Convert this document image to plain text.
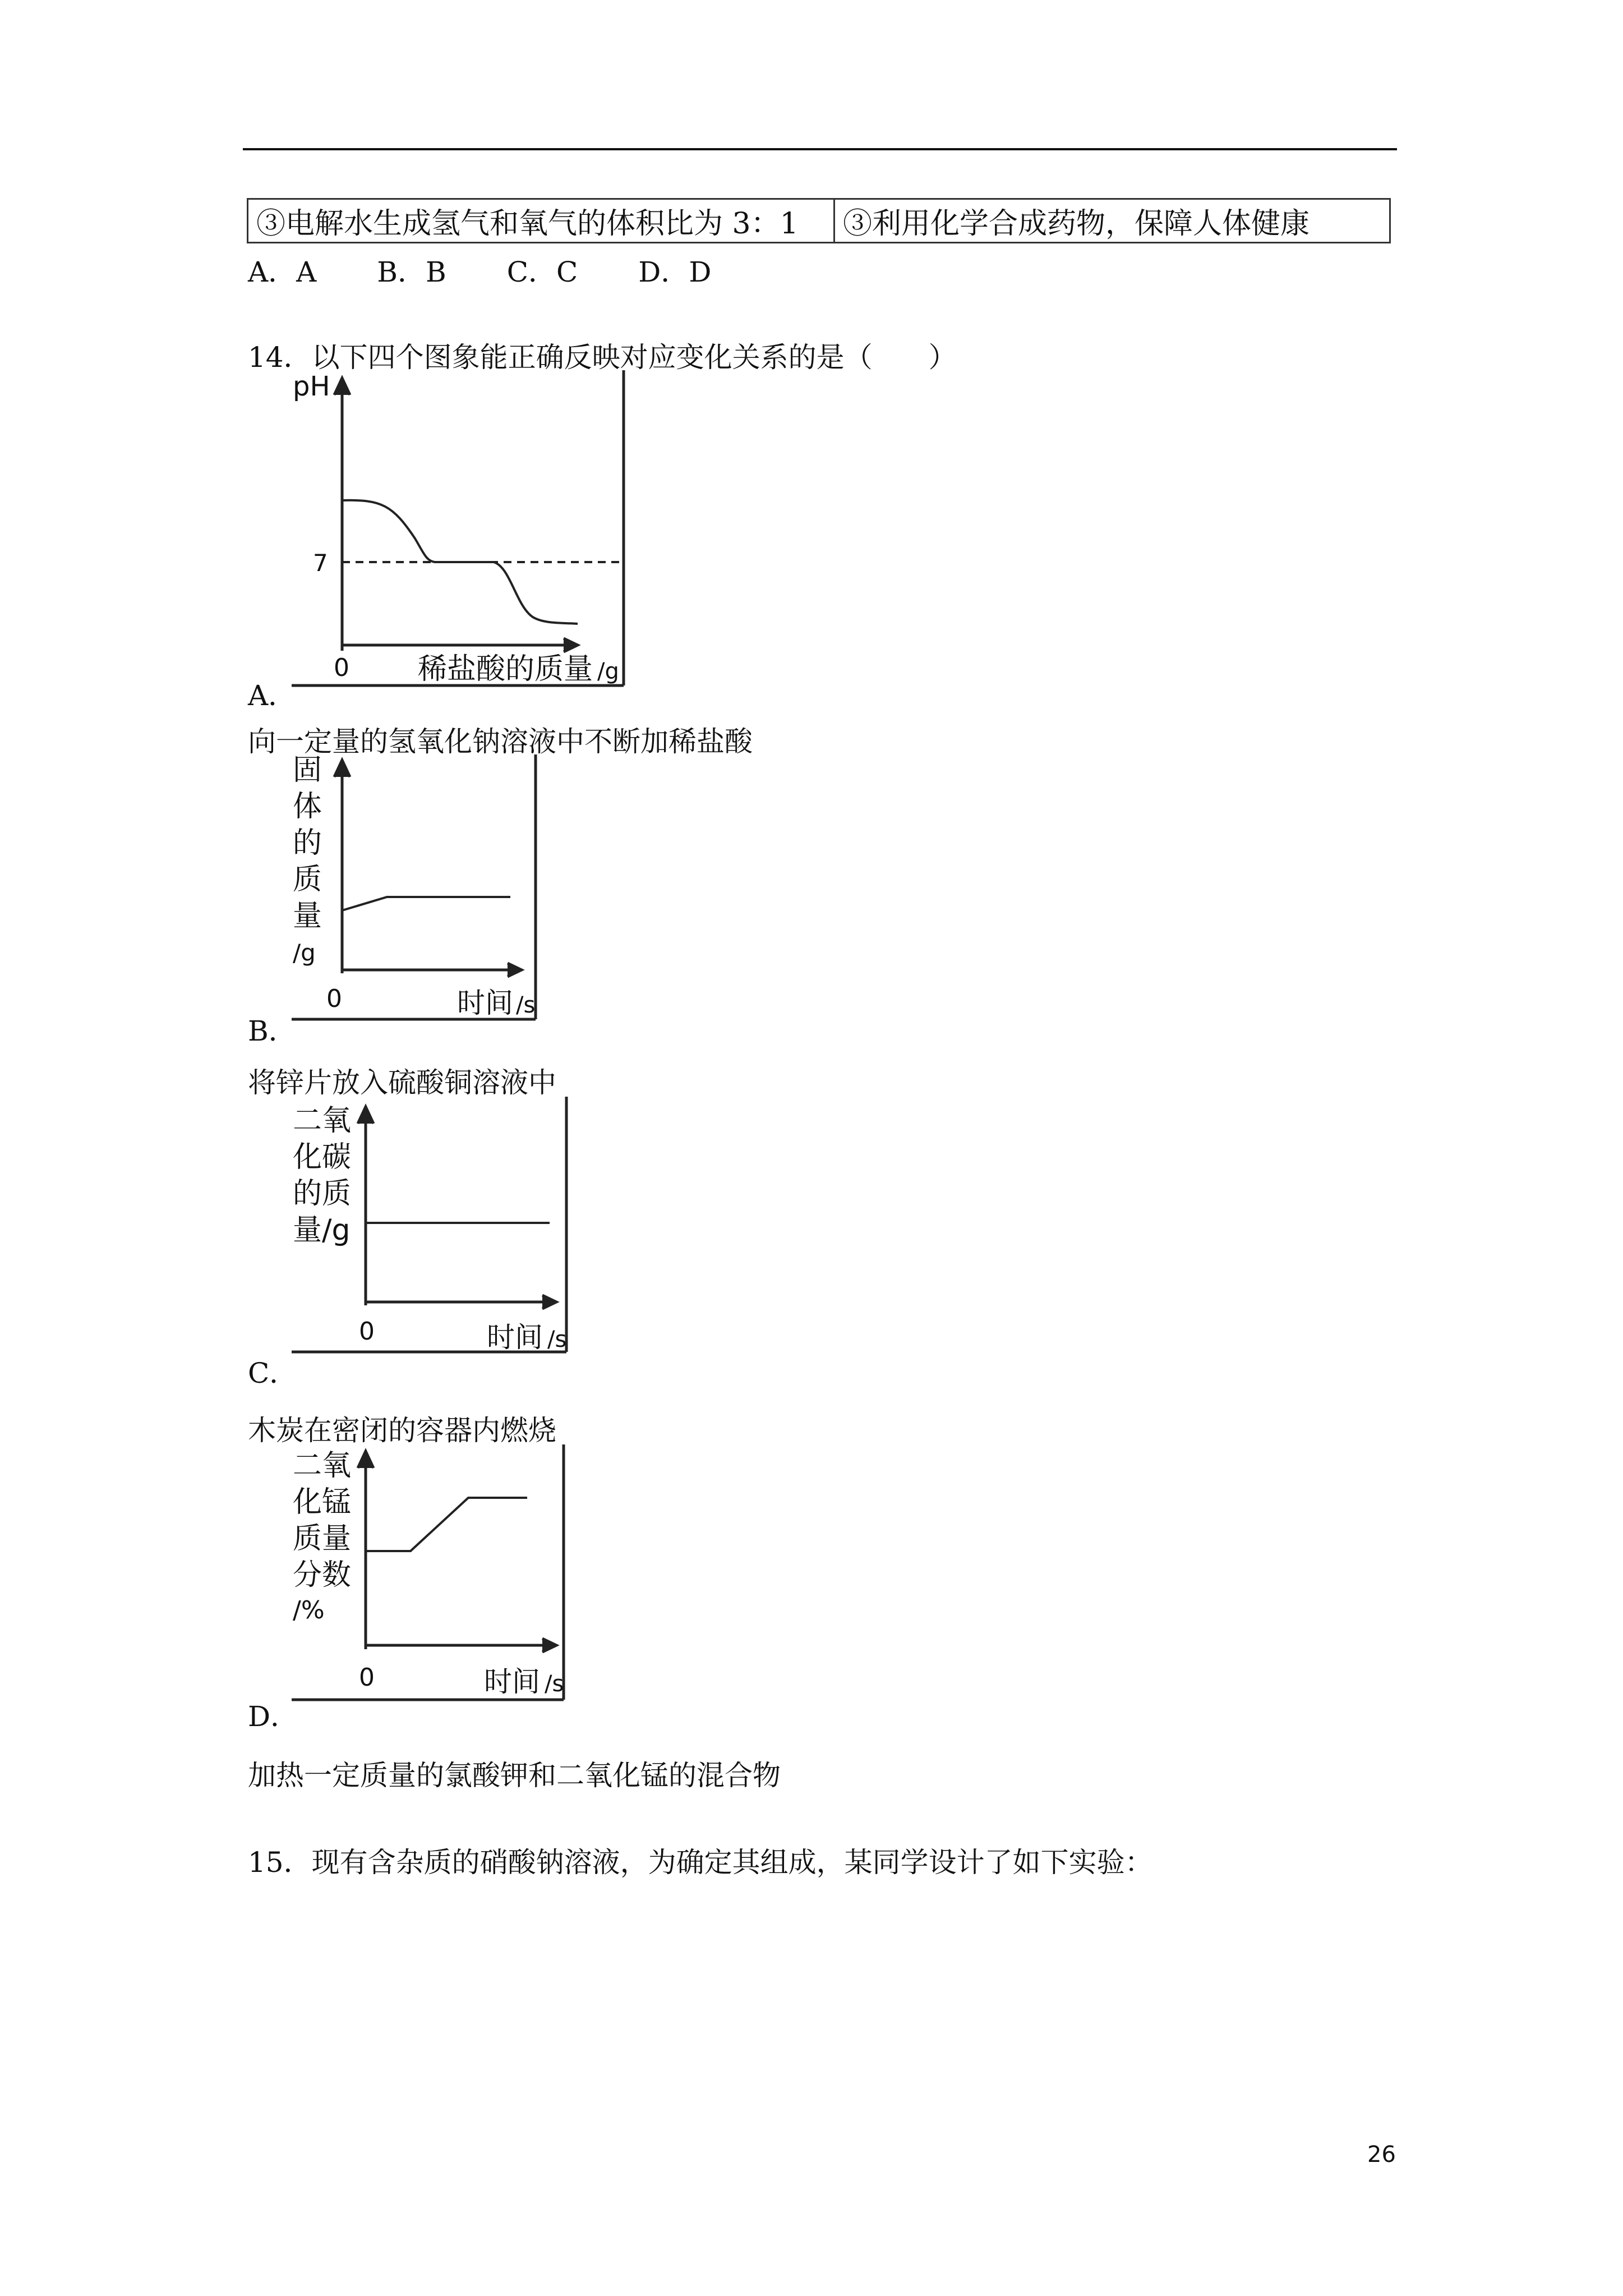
③电解水生成氢气和氧气的体积比为 3：1	③利用化学合成药物，保障人体健康
A．A B．B C．C D．D
14．以下四个图象能正确反映对应变化关系的是（　　）
pH
7
0 稀盐酸的质量 /g
A．
向一定量的氢氧化钠溶液中不断加稀盐酸
固
体
的
质
量
/g
0	时间 /s
B．
将锌片放入硫酸铜溶液中
二氧
化碳
的质
量/g
0	时间 /s
C．
木炭在密闭的容器内燃烧
二氧
化锰
质量
分数
/%
0	时间 /s
D．
加热一定质量的氯酸钾和二氧化锰的混合物
15．现有含杂质的硝酸钠溶液，为确定其组成，某同学设计了如下实验：
26
